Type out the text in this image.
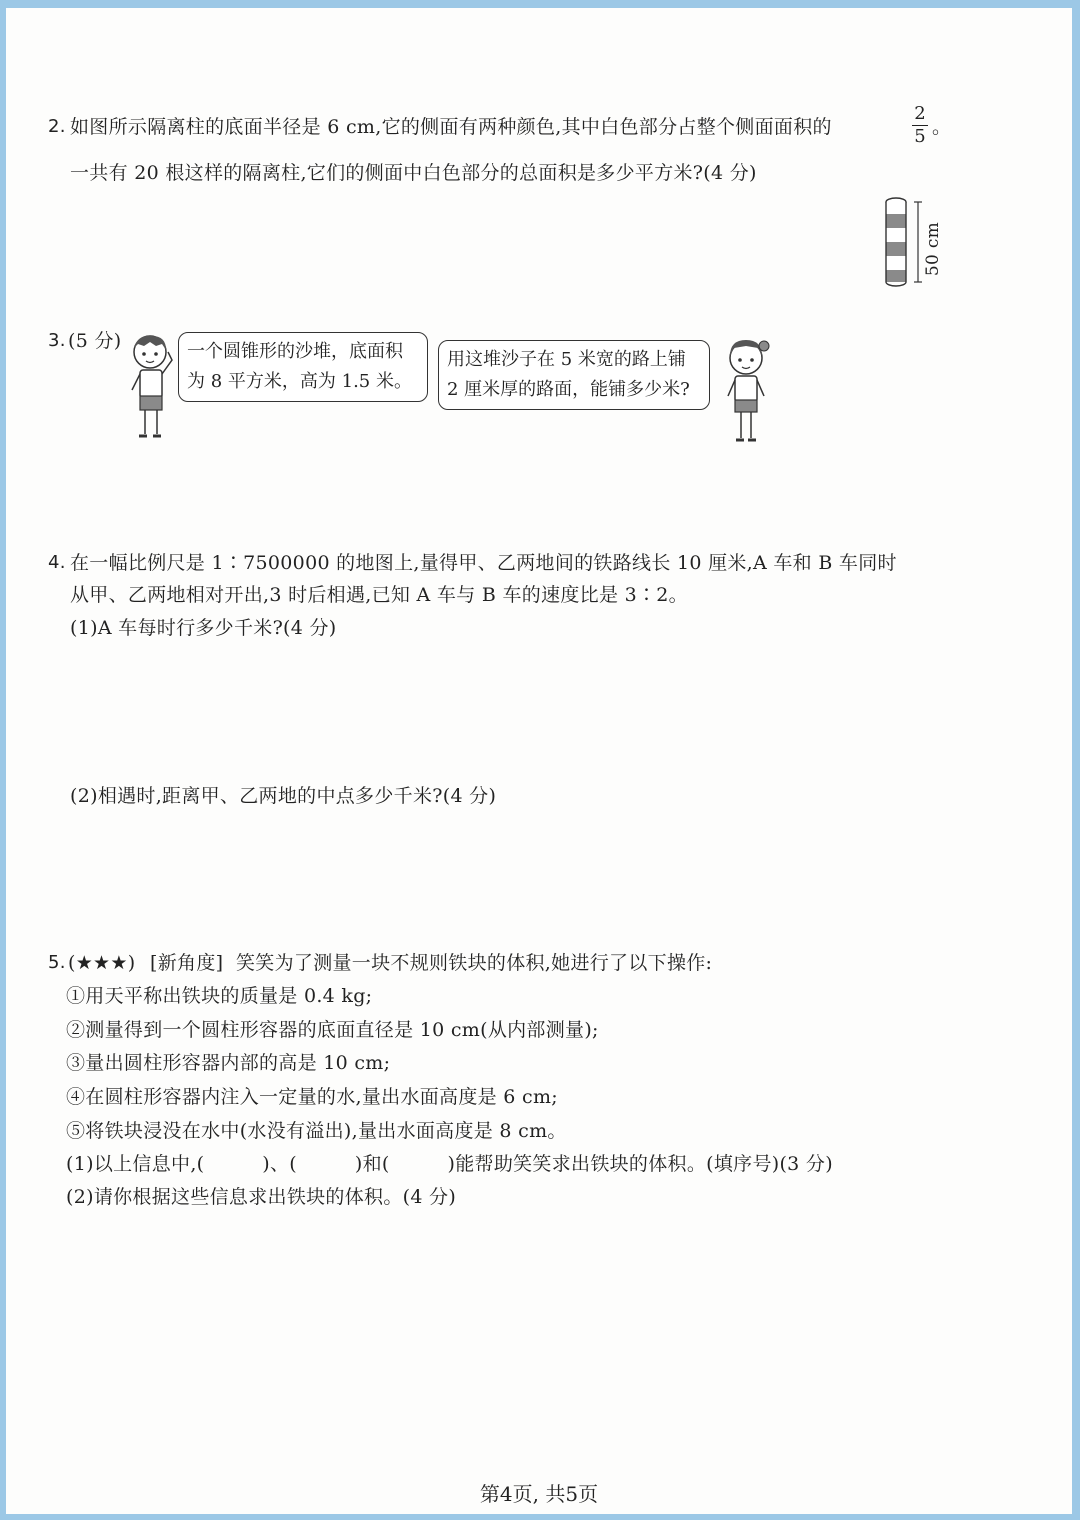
2. 如图所示隔离柱的底面半径是 6 cm,它的侧面有两种颜色,其中白色部分占整个侧面面积的
2
5 。
一共有 20 根这样的隔离柱,它们的侧面中白色部分的总面积是多少平方米?(4 分)
50 cm
3. (5 分)	一个圆锥形的沙堆，底面积
为 8 平方米，高为 1.5 米。
用这堆沙子在 5 米宽的路上铺
2 厘米厚的路面，能铺多少米?
4. 在一幅比例尺是 1∶7500000 的地图上,量得甲、乙两地间的铁路线长 10 厘米,A 车和 B 车同时
从甲、乙两地相对开出,3 时后相遇,已知 A 车与 B 车的速度比是 3∶2。
(1)A 车每时行多少千米?(4 分)
(2)相遇时,距离甲、乙两地的中点多少千米?(4 分)
5. (★★★) [新角度] 笑笑为了测量一块不规则铁块的体积,她进行了以下操作:
①用天平称出铁块的质量是 0.4 kg;
②测量得到一个圆柱形容器的底面直径是 10 cm(从内部测量);
③量出圆柱形容器内部的高是 10 cm;
④在圆柱形容器内注入一定量的水,量出水面高度是 6 cm;
⑤将铁块浸没在水中(水没有溢出),量出水面高度是 8 cm。
(1)以上信息中,(　　　)、(　　　)和(　　　)能帮助笑笑求出铁块的体积。(填序号)(3 分)
(2)请你根据这些信息求出铁块的体积。(4 分)
第4页, 共5页
